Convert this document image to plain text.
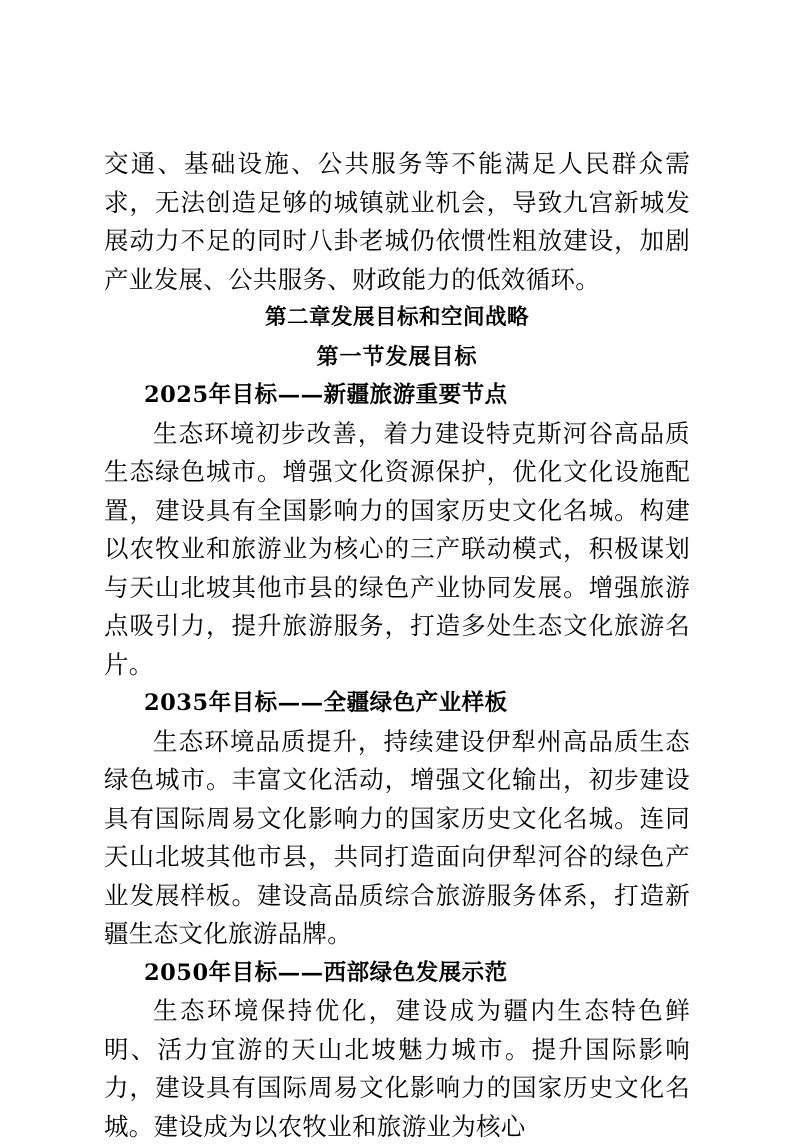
交通、基础设施、公共服务等不能满足人民群众需求，无法创造足够的城镇就业机会，导致九宫新城发展动力不足的同时八卦老城仍依惯性粗放建设，加剧产业发展、公共服务、财政能力的低效循环。

第二章发展目标和空间战略
第一节发展目标
2025年目标——新疆旅游重要节点

生态环境初步改善，着力建设特克斯河谷高品质生态绿色城市。增强文化资源保护，优化文化设施配置，建设具有全国影响力的国家历史文化名城。构建以农牧业和旅游业为核心的三产联动模式，积极谋划与天山北坡其他市县的绿色产业协同发展。增强旅游点吸引力，提升旅游服务，打造多处生态文化旅游名片。

2035年目标——全疆绿色产业样板

生态环境品质提升，持续建设伊犁州高品质生态绿色城市。丰富文化活动，增强文化输出，初步建设具有国际周易文化影响力的国家历史文化名城。连同天山北坡其他市县，共同打造面向伊犁河谷的绿色产业发展样板。建设高品质综合旅游服务体系，打造新疆生态文化旅游品牌。

2050年目标——西部绿色发展示范

生态环境保持优化，建设成为疆内生态特色鲜明、活力宜游的天山北坡魅力城市。提升国际影响力，建设具有国际周易文化影响力的国家历史文化名城。建设成为以农牧业和旅游业为核心
